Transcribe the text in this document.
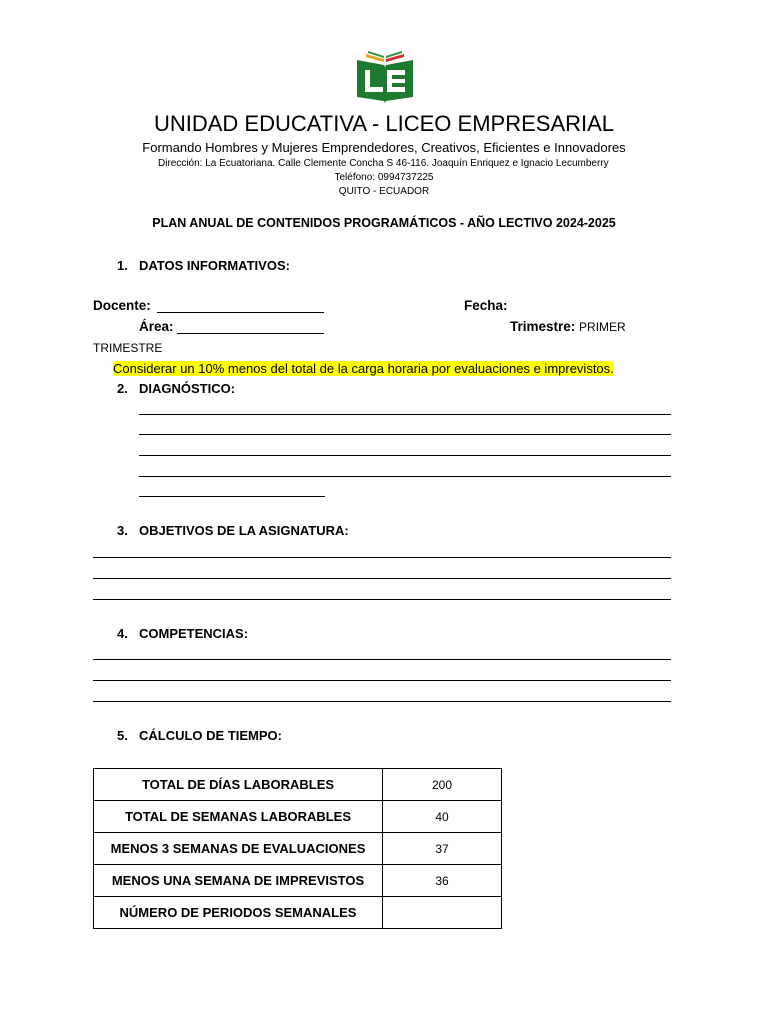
UNIDAD EDUCATIVA - LICEO EMPRESARIAL
Formando Hombres y Mujeres Emprendedores, Creativos, Eficientes e Innovadores
Dirección: La Ecuatoriana. Calle Clemente Concha S 46-116. Joaquín Enriquez e Ignacio Lecumberry
Teléfono: 0994737225
QUITO - ECUADOR
PLAN ANUAL DE CONTENIDOS PROGRAMÁTICOS - AÑO LECTIVO 2024-2025
1. DATOS INFORMATIVOS:
Docente:	Fecha:
Área:	Trimestre: PRIMER
TRIMESTRE
Considerar un 10% menos del total de la carga horaria por evaluaciones e imprevistos.
2. DIAGNÓSTICO:
3. OBJETIVOS DE LA ASIGNATURA:
4. COMPETENCIAS:
5. CÁLCULO DE TIEMPO:
TOTAL DE DÍAS LABORABLES	200
TOTAL DE SEMANAS LABORABLES	40
MENOS 3 SEMANAS DE EVALUACIONES	37
MENOS UNA SEMANA DE IMPREVISTOS	36
NÚMERO DE PERIODOS SEMANALES	
